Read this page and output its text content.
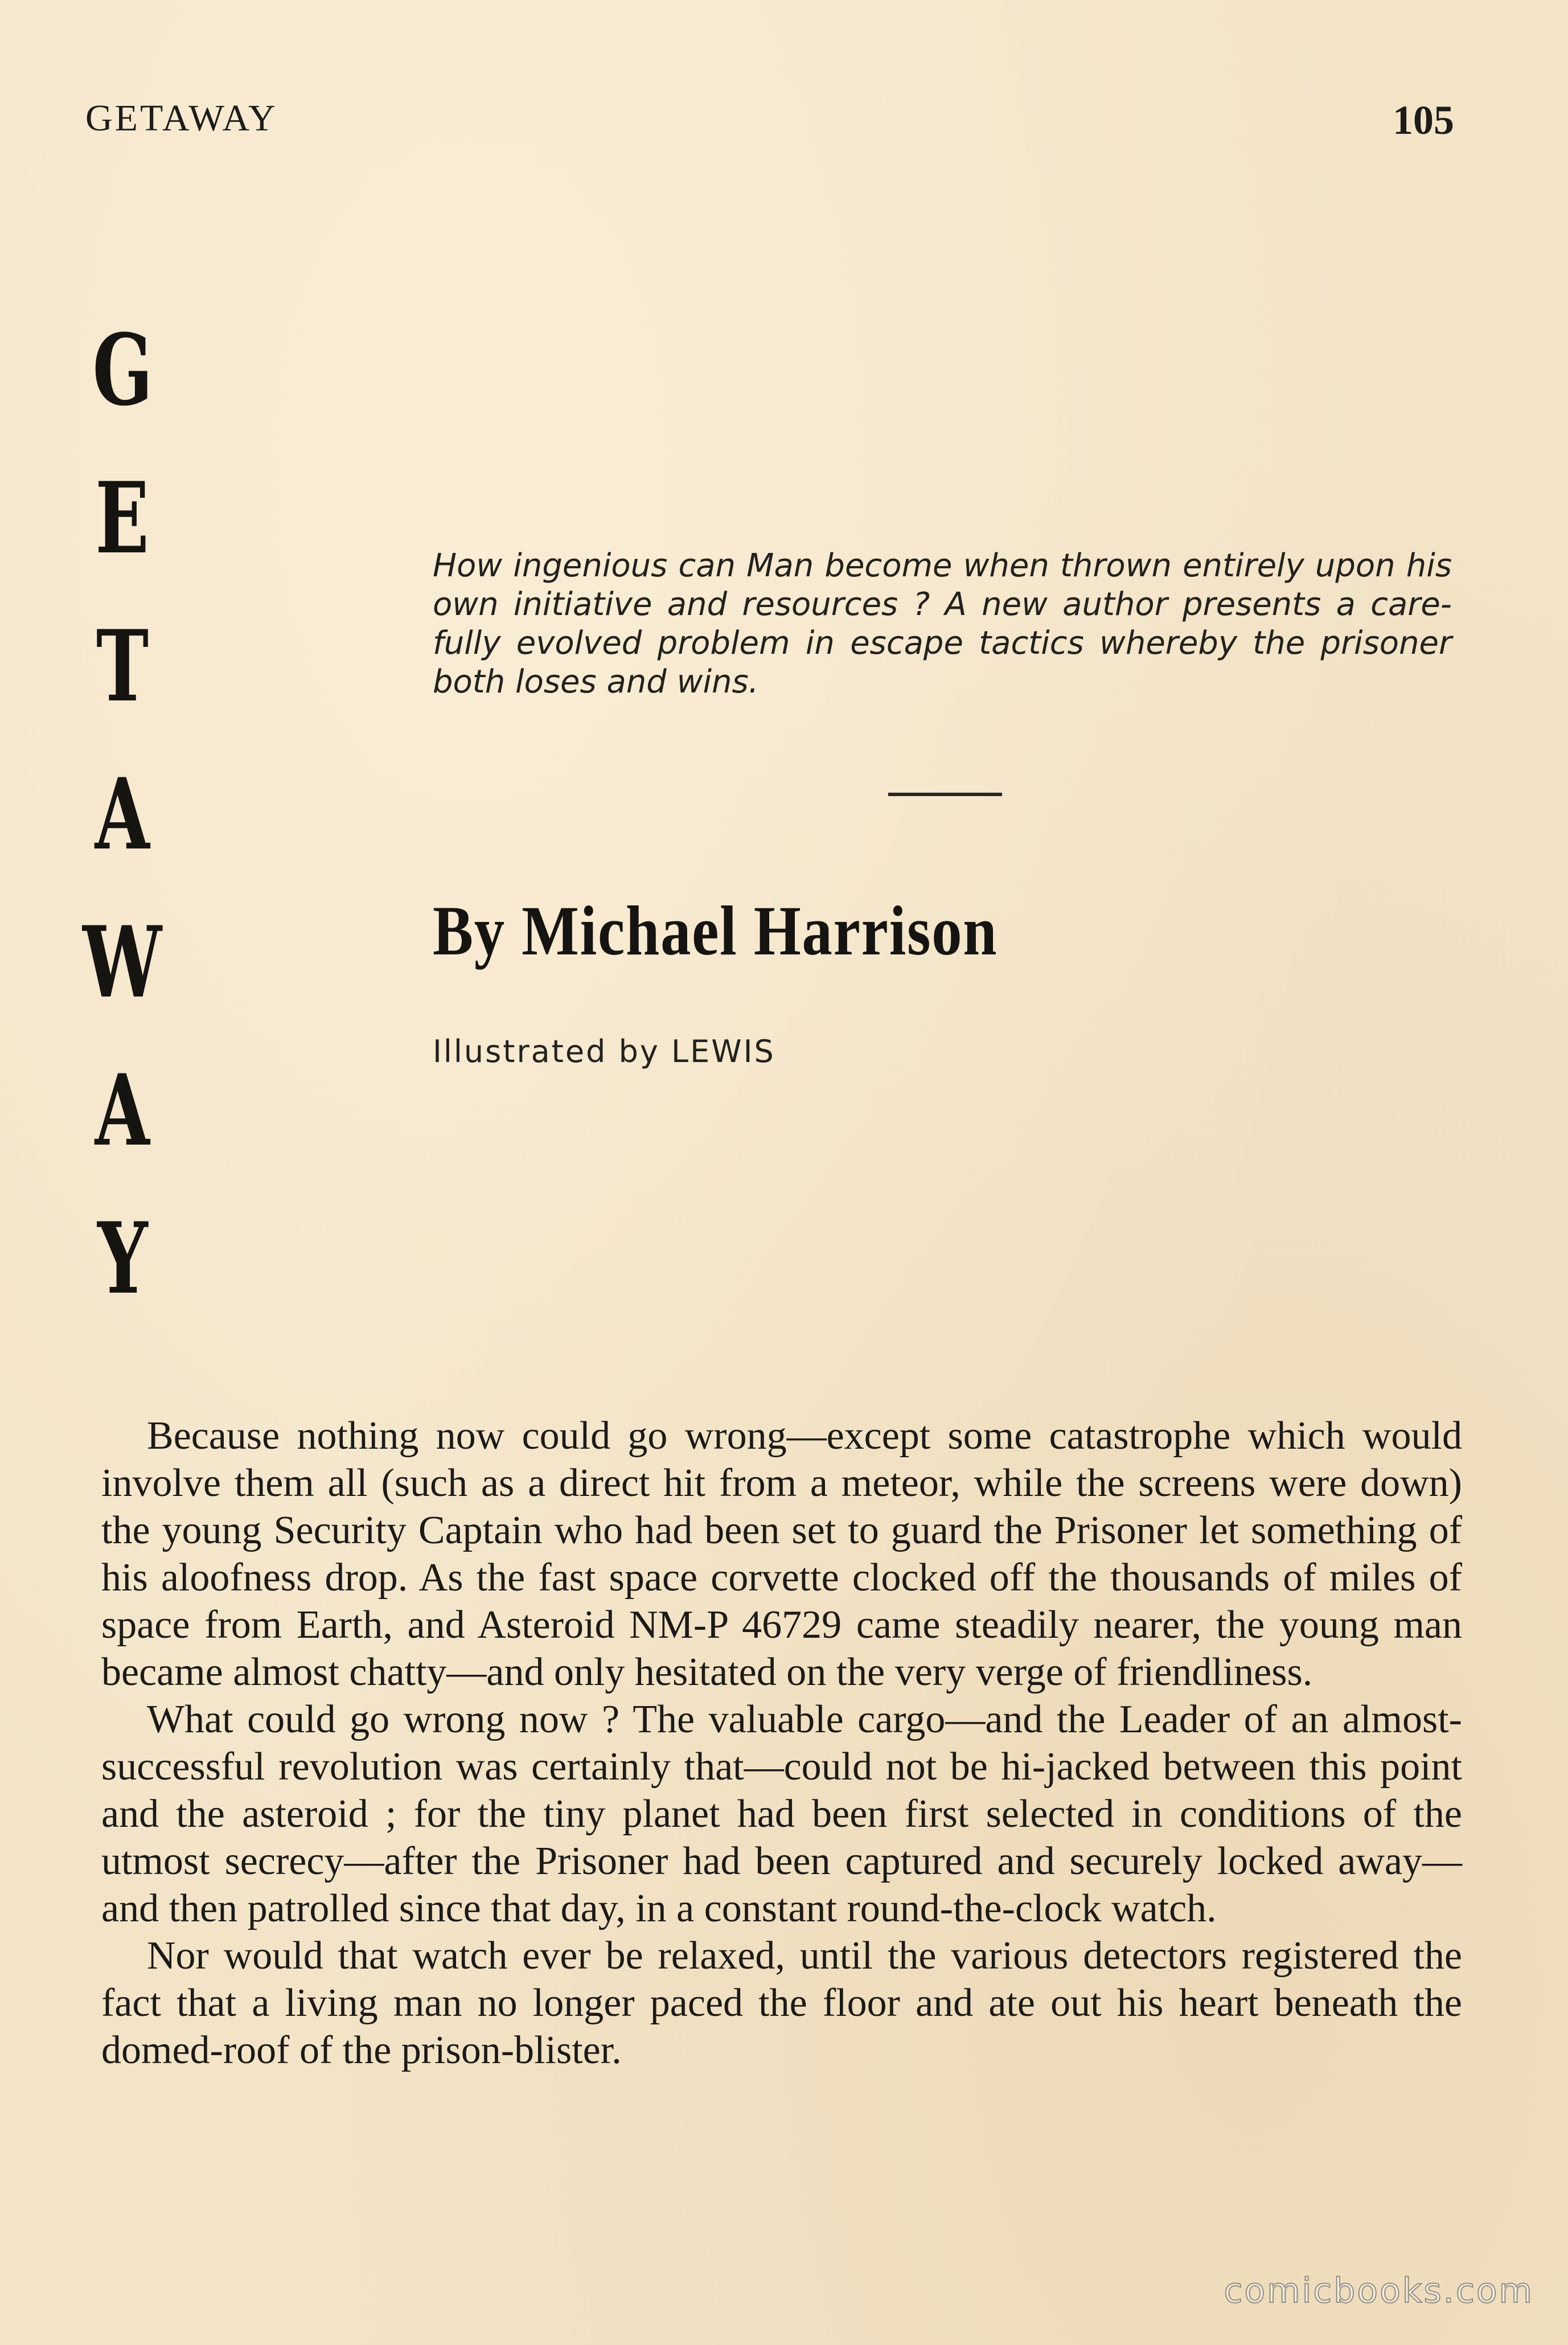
GETAWAY	105
G
E
T
A
W
A
Y
How ingenious can Man become when thrown entirely upon his own initiative and resources ? A new author presents a care-fully evolved problem in escape tactics whereby the prisoner both loses and wins.
By Michael Harrison
Illustrated by LEWIS

Because nothing now could go wrong—except some catastrophe which would involve them all (such as a direct hit from a meteor, while the screens were down) the young Security Captain who had been set to guard the Prisoner let something of his aloofness drop. As the fast space corvette clocked off the thousands of miles of space from Earth, and Asteroid NM-P 46729 came steadily nearer, the young man became almost chatty—and only hesitated on the very verge of friendliness.

What could go wrong now ? The valuable cargo—and the Leader of an almost-successful revolution was certainly that—could not be hi-jacked between this point and the asteroid ; for the tiny planet had been first selected in conditions of the utmost secrecy—after the Prisoner had been captured and securely locked away—and then patrolled since that day, in a constant round-the-clock watch.

Nor would that watch ever be relaxed, until the various detectors registered the fact that a living man no longer paced the floor and ate out his heart beneath the domed-roof of the prison-blister.

comicbooks.com
